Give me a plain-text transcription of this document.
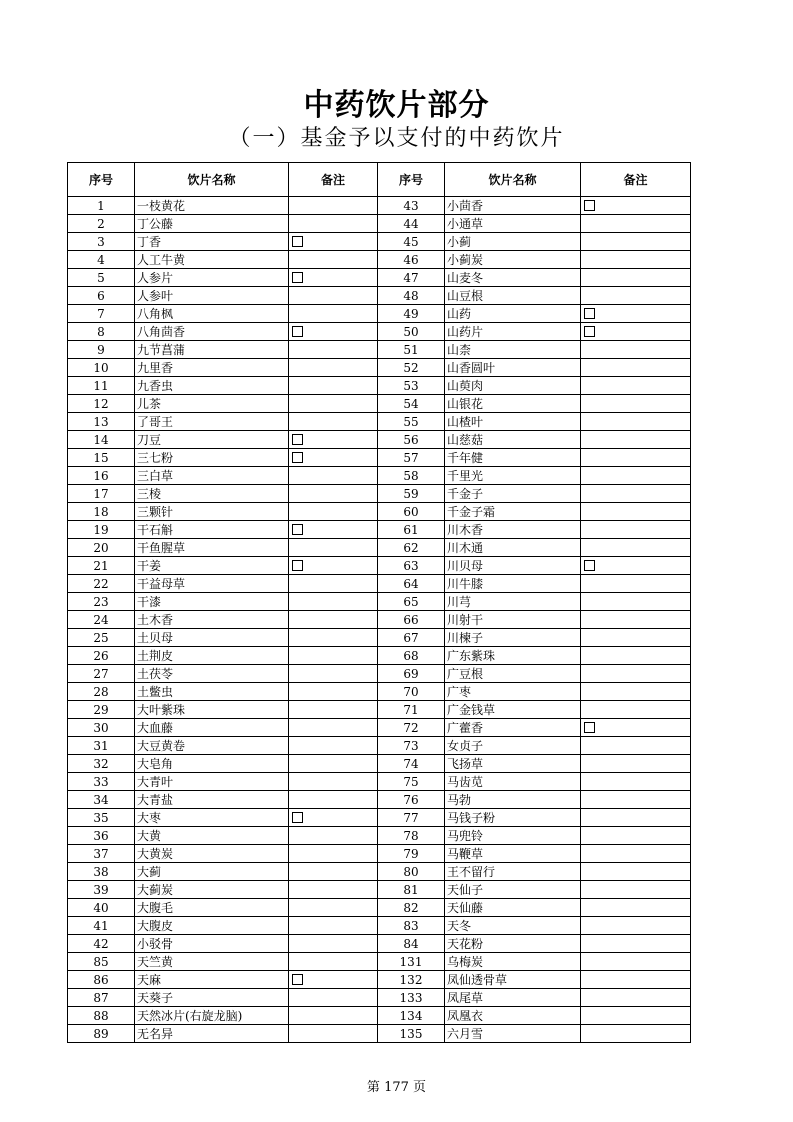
中药饮片部分
（一）基金予以支付的中药饮片
序号	饮片名称	备注	序号	饮片名称	备注
1	一枝黄花		43	小茴香	
2	丁公藤		44	小通草	
3	丁香		45	小蓟	
4	人工牛黄		46	小蓟炭	
5	人参片		47	山麦冬	
6	人参叶		48	山豆根	
7	八角枫		49	山药	
8	八角茴香		50	山药片	
9	九节菖蒲		51	山柰	
10	九里香		52	山香圆叶	
11	九香虫		53	山萸肉	
12	儿茶		54	山银花	
13	了哥王		55	山楂叶	
14	刀豆		56	山慈菇	
15	三七粉		57	千年健	
16	三白草		58	千里光	
17	三棱		59	千金子	
18	三颗针		60	千金子霜	
19	干石斛		61	川木香	
20	干鱼腥草		62	川木通	
21	干姜		63	川贝母	
22	干益母草		64	川牛膝	
23	干漆		65	川芎	
24	土木香		66	川射干	
25	土贝母		67	川楝子	
26	土荆皮		68	广东紫珠	
27	土茯苓		69	广豆根	
28	土鳖虫		70	广枣	
29	大叶紫珠		71	广金钱草	
30	大血藤		72	广藿香	
31	大豆黄卷		73	女贞子	
32	大皂角		74	飞扬草	
33	大青叶		75	马齿苋	
34	大青盐		76	马勃	
35	大枣		77	马钱子粉	
36	大黄		78	马兜铃	
37	大黄炭		79	马鞭草	
38	大蓟		80	王不留行	
39	大蓟炭		81	天仙子	
40	大腹毛		82	天仙藤	
41	大腹皮		83	天冬	
42	小驳骨		84	天花粉	
85	天竺黄		131	乌梅炭	
86	天麻		132	凤仙透骨草	
87	天葵子		133	凤尾草	
88	天然冰片(右旋龙脑)		134	凤凰衣	
89	无名异		135	六月雪	
第 177 页
